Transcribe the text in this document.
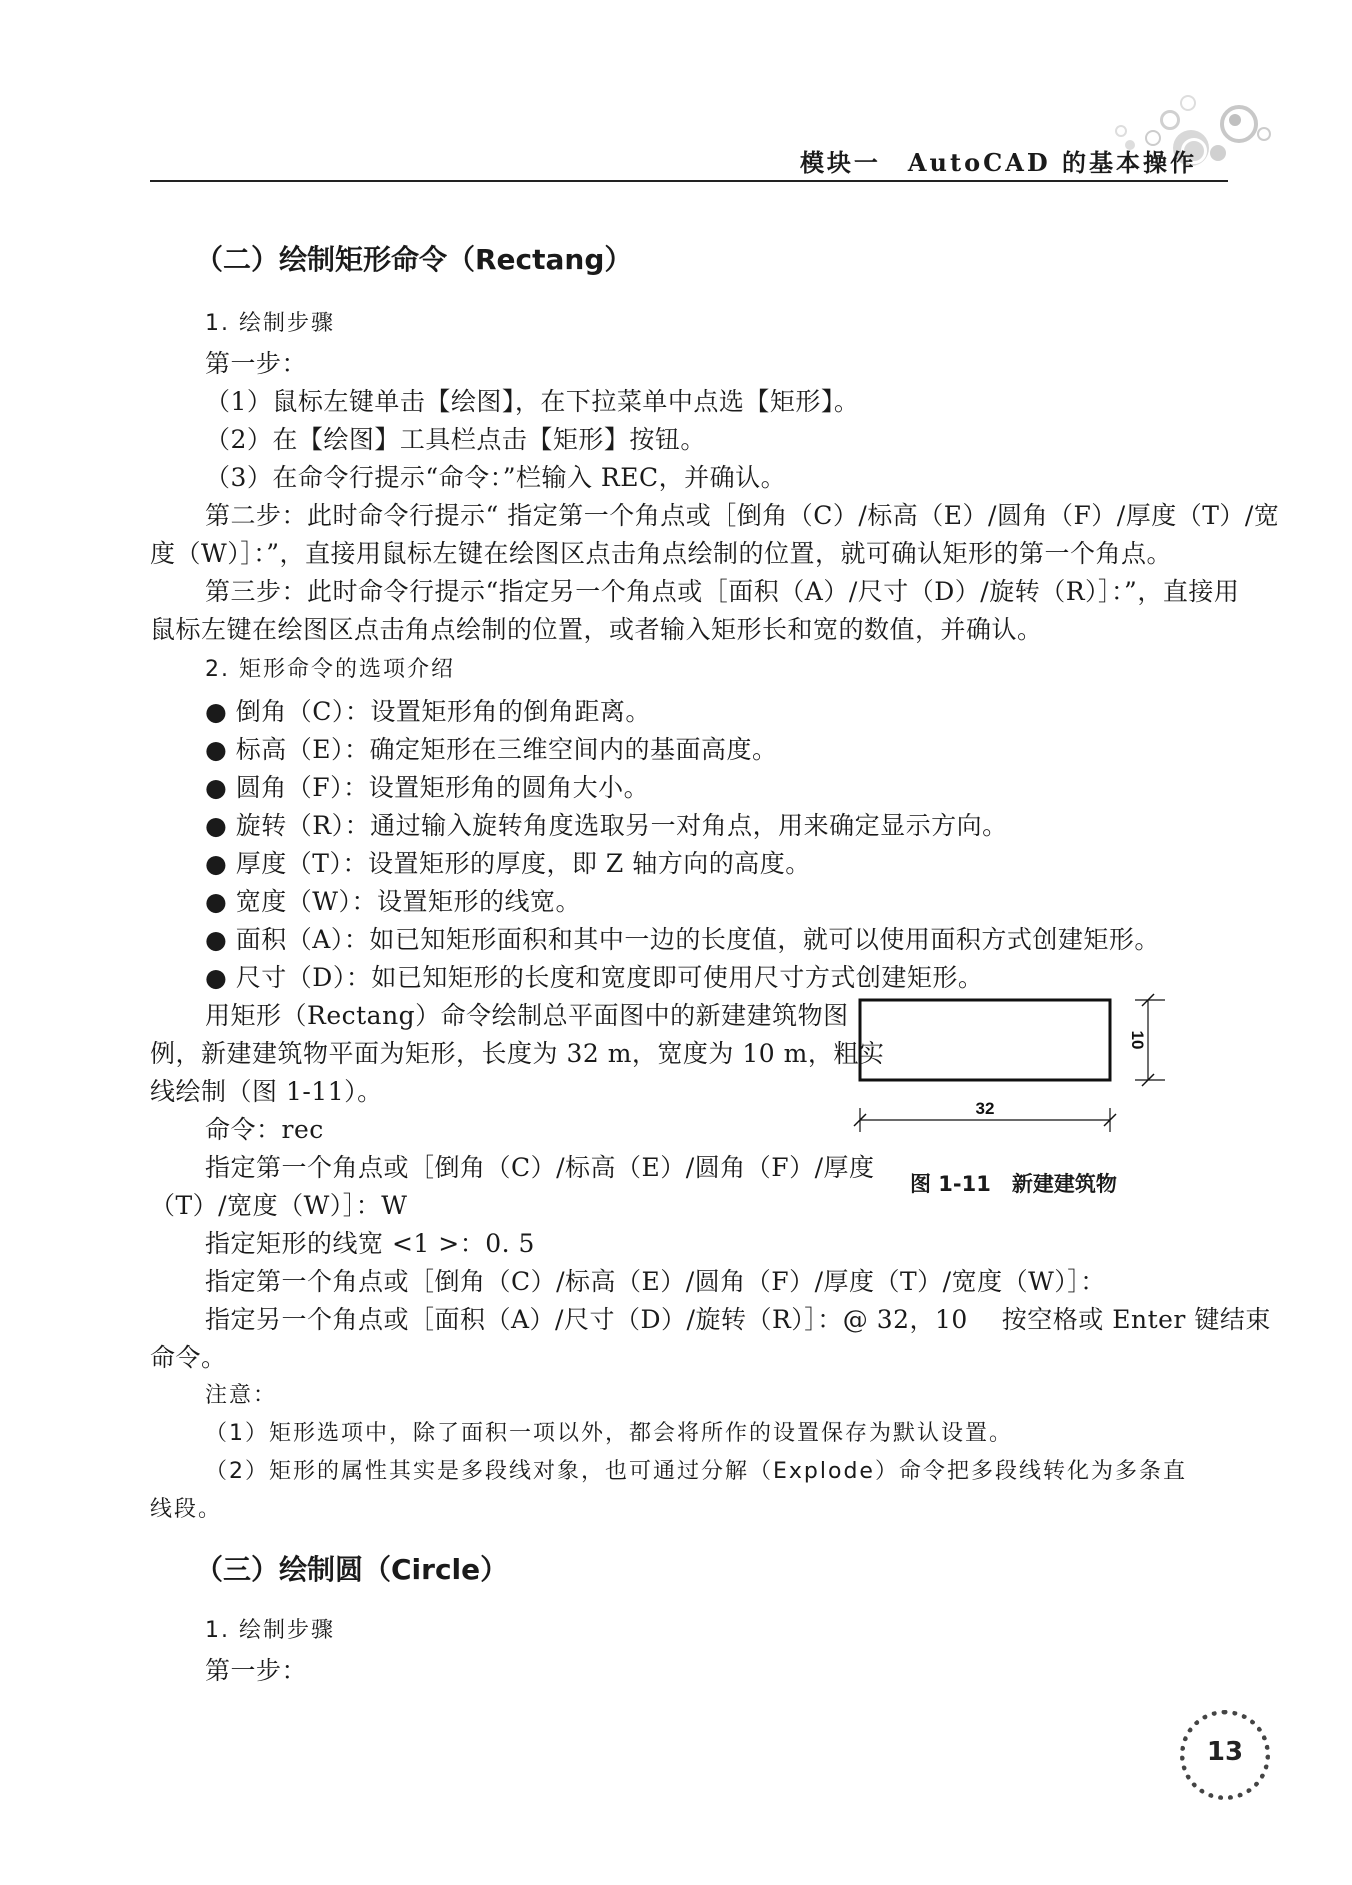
模块一　AutoCAD 的基本操作
（二）绘制矩形命令（Rectang）
1. 绘制步骤
第一步：
（1）鼠标左键单击【绘图】，在下拉菜单中点选【矩形】。
（2）在【绘图】工具栏点击【矩形】按钮。
（3）在命令行提示“命令：”栏输入 REC，并确认。
第二步：此时命令行提示“ 指定第一个角点或［倒角（C）/标高（E）/圆角（F）/厚度（T）/宽
度（W）］：”，直接用鼠标左键在绘图区点击角点绘制的位置，就可确认矩形的第一个角点。
第三步：此时命令行提示“指定另一个角点或［面积（A）/尺寸（D）/旋转（R）］：”，直接用
鼠标左键在绘图区点击角点绘制的位置，或者输入矩形长和宽的数值，并确认。
2. 矩形命令的选项介绍
● 倒角（C）：设置矩形角的倒角距离。
● 标高（E）：确定矩形在三维空间内的基面高度。
● 圆角（F）：设置矩形角的圆角大小。
● 旋转（R）：通过输入旋转角度选取另一对角点，用来确定显示方向。
● 厚度（T）：设置矩形的厚度，即 Z 轴方向的高度。
● 宽度（W）：设置矩形的线宽。
● 面积（A）：如已知矩形面积和其中一边的长度值，就可以使用面积方式创建矩形。
● 尺寸（D）：如已知矩形的长度和宽度即可使用尺寸方式创建矩形。
用矩形（Rectang）命令绘制总平面图中的新建建筑物图
例，新建建筑物平面为矩形，长度为 32 m，宽度为 10 m，粗实
线绘制（图 1-11）。
命令：rec
指定第一个角点或［倒角（C）/标高（E）/圆角（F）/厚度
（T）/宽度（W）］：W
10
32
图 1-11　新建建筑物
指定矩形的线宽 <1 >：0. 5
指定第一个角点或［倒角（C）/标高（E）/圆角（F）/厚度（T）/宽度（W）］：
指定另一个角点或［面积（A）/尺寸（D）/旋转（R）］：@ 32，10　 按空格或 Enter 键结束
命令。
注意：
（1）矩形选项中，除了面积一项以外，都会将所作的设置保存为默认设置。
（2）矩形的属性其实是多段线对象，也可通过分解（Explode）命令把多段线转化为多条直
线段。
（三）绘制圆（Circle）
1. 绘制步骤
第一步：
13
